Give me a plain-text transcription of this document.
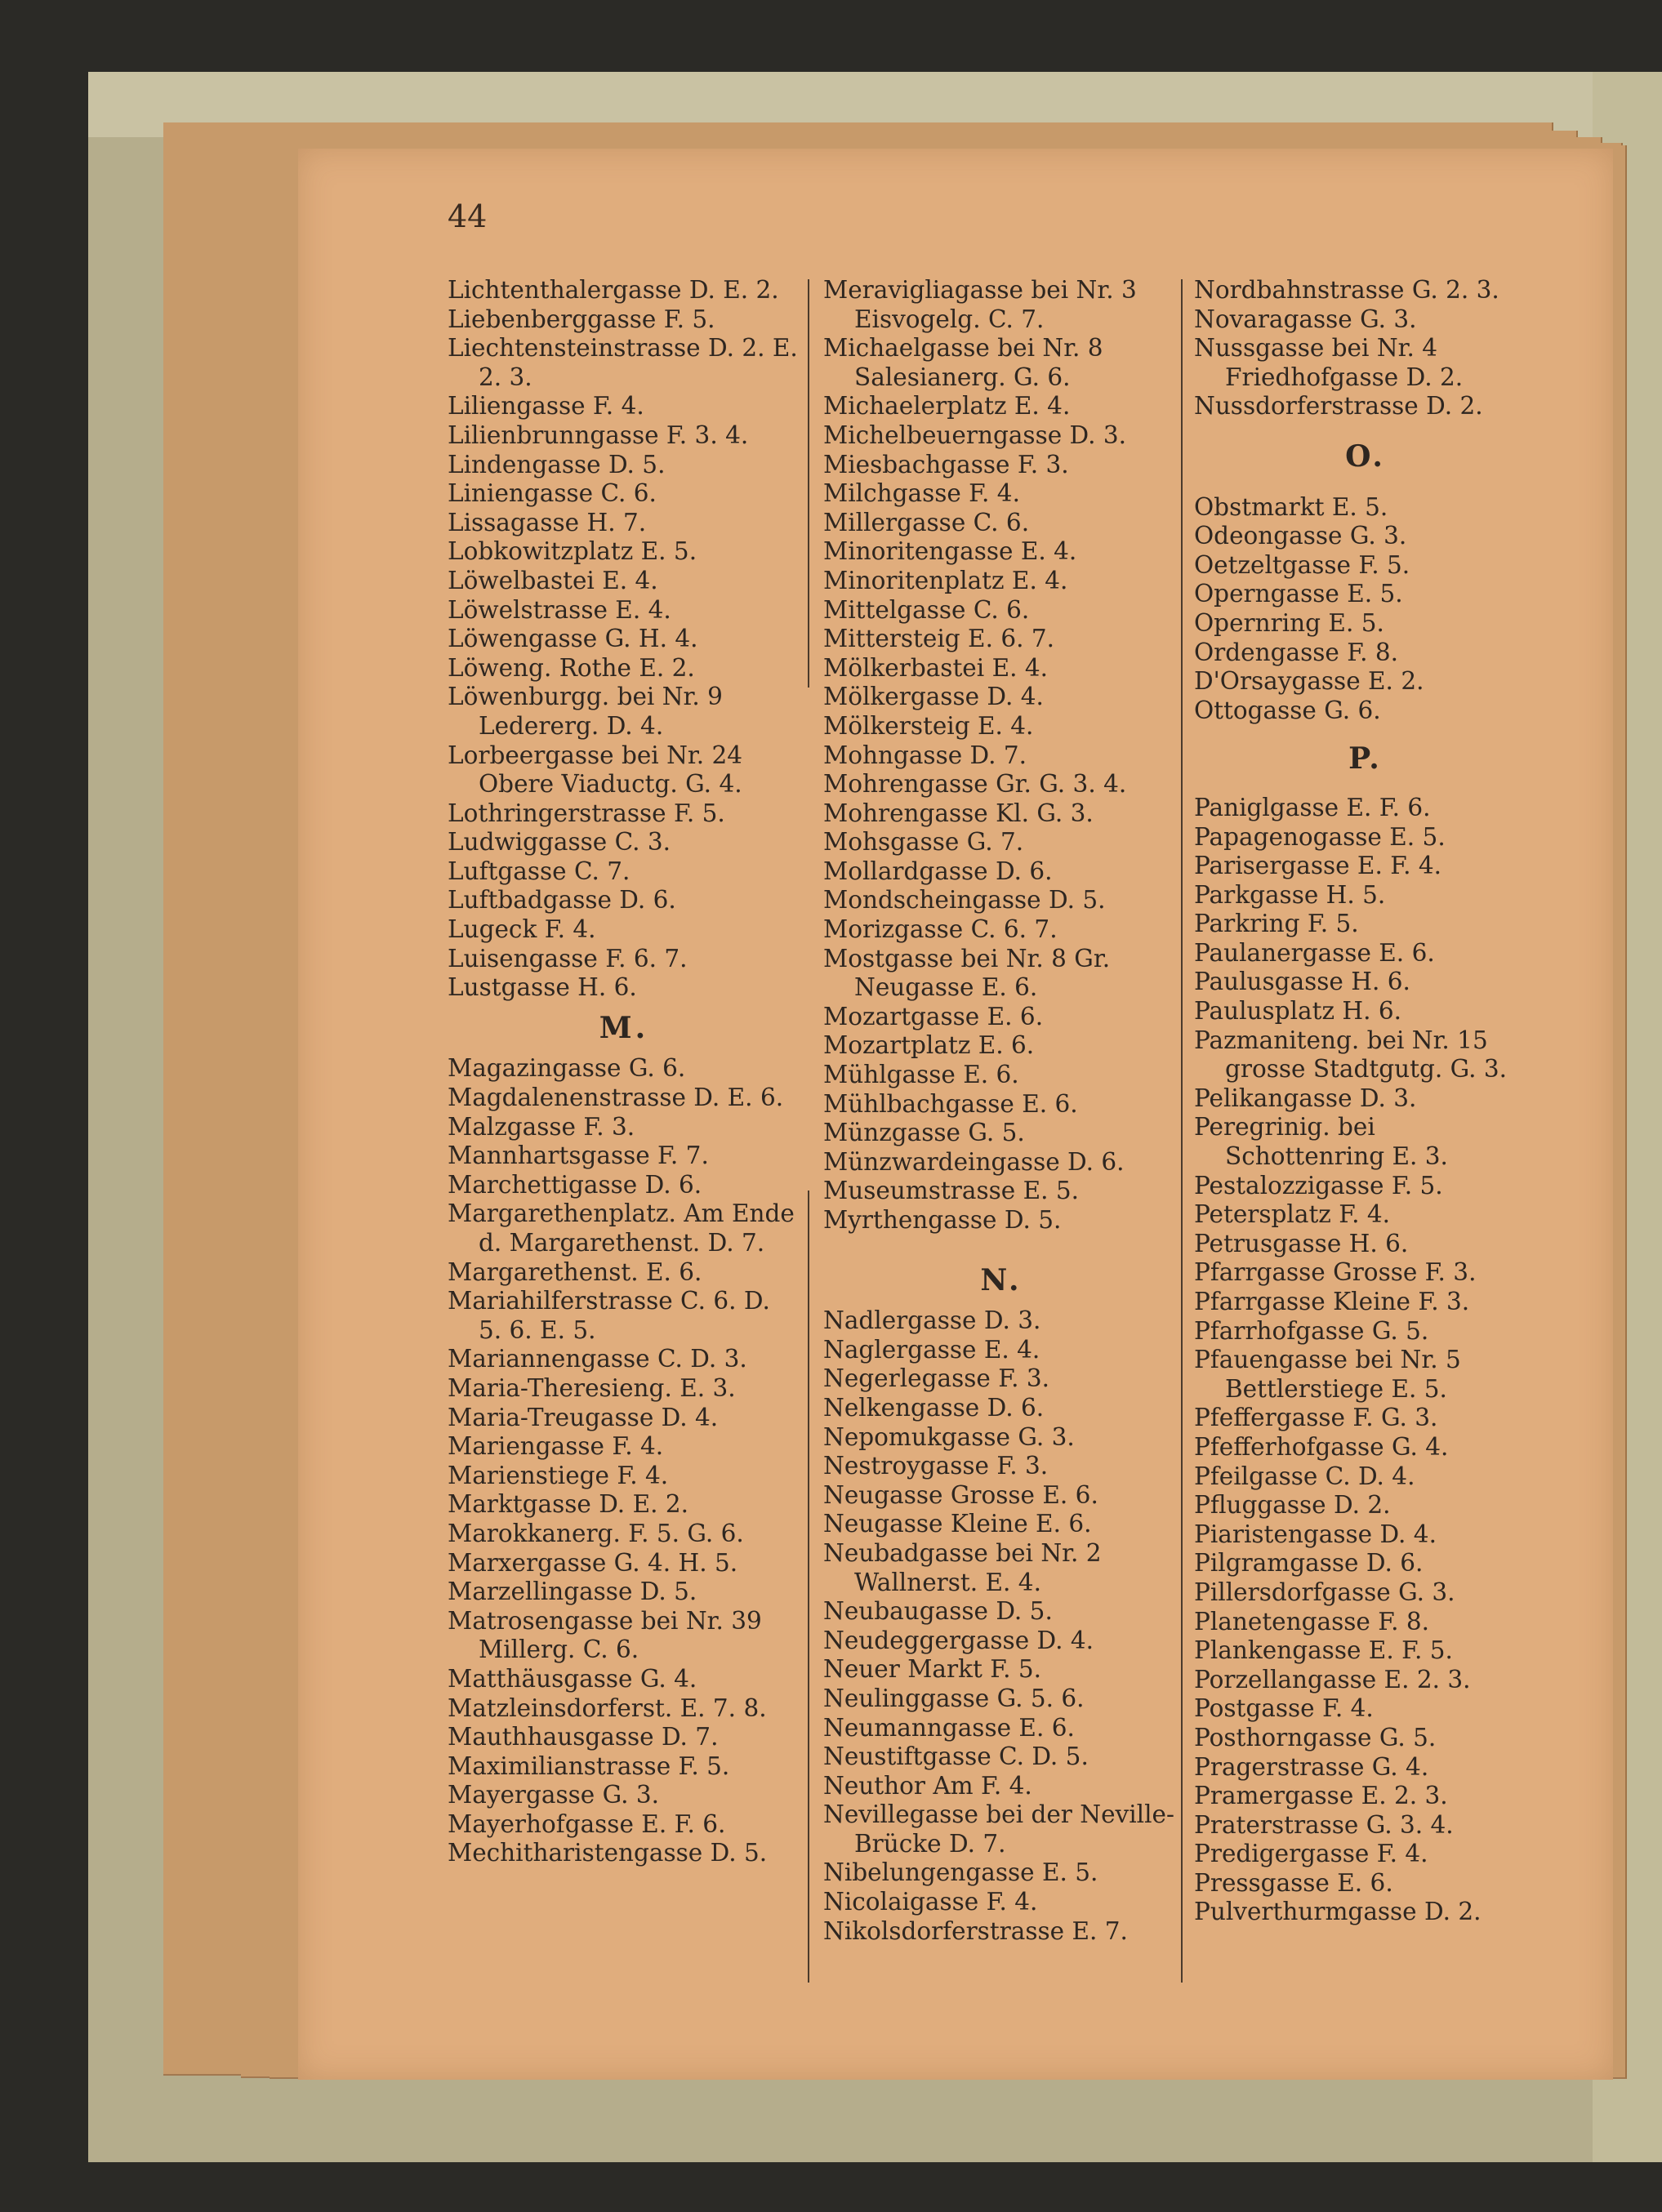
44
Lichtenthalergasse D. E. 2.
Liebenberggasse F. 5.
Liechtensteinstrasse D. 2. E. 2. 3.
Liliengasse F. 4.
Lilienbrunngasse F. 3. 4.
Lindengasse D. 5.
Liniengasse C. 6.
Lissagasse H. 7.
Lobkowitzplatz E. 5.
Löwelbastei E. 4.
Löwelstrasse E. 4.
Löwengasse G. H. 4.
Löweng. Rothe E. 2.
Löwenburgg. bei Nr. 9 Ledererg. D. 4.
Lorbeergasse bei Nr. 24 Obere Viaductg. G. 4.
Lothringerstrasse F. 5.
Ludwiggasse C. 3.
Luftgasse C. 7.
Luftbadgasse D. 6.
Lugeck F. 4.
Luisengasse F. 6. 7.
Lustgasse H. 6.
M.
Magazingasse G. 6.
Magdalenenstrasse D. E. 6.
Malzgasse F. 3.
Mannhartsgasse F. 7.
Marchettigasse D. 6.
Margarethenplatz. Am Ende d. Margarethenst. D. 7.
Margarethenst. E. 6.
Mariahilferstrasse C. 6. D. 5. 6. E. 5.
Mariannengasse C. D. 3.
Maria-Theresieng. E. 3.
Maria-Treugasse D. 4.
Mariengasse F. 4.
Marienstiege F. 4.
Marktgasse D. E. 2.
Marokkanerg. F. 5. G. 6.
Marxergasse G. 4. H. 5.
Marzellingasse D. 5.
Matrosengasse bei Nr. 39 Millerg. C. 6.
Matthäusgasse G. 4.
Matzleinsdorferst. E. 7. 8.
Mauthhausgasse D. 7.
Maximilianstrasse F. 5.
Mayergasse G. 3.
Mayerhofgasse E. F. 6.
Mechitharistengasse D. 5.
Meravigliagasse bei Nr. 3 Eisvogelg. C. 7.
Michaelgasse bei Nr. 8 Salesianerg. G. 6.
Michaelerplatz E. 4.
Michelbeuerngasse D. 3.
Miesbachgasse F. 3.
Milchgasse F. 4.
Millergasse C. 6.
Minoritengasse E. 4.
Minoritenplatz E. 4.
Mittelgasse C. 6.
Mittersteig E. 6. 7.
Mölkerbastei E. 4.
Mölkergasse D. 4.
Mölkersteig E. 4.
Mohngasse D. 7.
Mohrengasse Gr. G. 3. 4.
Mohrengasse Kl. G. 3.
Mohsgasse G. 7.
Mollardgasse D. 6.
Mondscheingasse D. 5.
Morizgasse C. 6. 7.
Mostgasse bei Nr. 8 Gr. Neugasse E. 6.
Mozartgasse E. 6.
Mozartplatz E. 6.
Mühlgasse E. 6.
Mühlbachgasse E. 6.
Münzgasse G. 5.
Münzwardeingasse D. 6.
Museumstrasse E. 5.
Myrthengasse D. 5.
N.
Nadlergasse D. 3.
Naglergasse E. 4.
Negerlegasse F. 3.
Nelkengasse D. 6.
Nepomukgasse G. 3.
Nestroygasse F. 3.
Neugasse Grosse E. 6.
Neugasse Kleine E. 6.
Neubadgasse bei Nr. 2 Wallnerst. E. 4.
Neubaugasse D. 5.
Neudeggergasse D. 4.
Neuer Markt F. 5.
Neulinggasse G. 5. 6.
Neumanngasse E. 6.
Neustiftgasse C. D. 5.
Neuthor Am F. 4.
Nevillegasse bei der Neville-Brücke D. 7.
Nibelungengasse E. 5.
Nicolaigasse F. 4.
Nikolsdorferstrasse E. 7.
Nordbahnstrasse G. 2. 3.
Novaragasse G. 3.
Nussgasse bei Nr. 4 Friedhofgasse D. 2.
Nussdorferstrasse D. 2.
O.
Obstmarkt E. 5.
Odeongasse G. 3.
Oetzeltgasse F. 5.
Operngasse E. 5.
Opernring E. 5.
Ordengasse F. 8.
D'Orsaygasse E. 2.
Ottogasse G. 6.
P.
Paniglgasse E. F. 6.
Papagenogasse E. 5.
Parisergasse E. F. 4.
Parkgasse H. 5.
Parkring F. 5.
Paulanergasse E. 6.
Paulusgasse H. 6.
Paulusplatz H. 6.
Pazmaniteng. bei Nr. 15 grosse Stadtgutg. G. 3.
Pelikangasse D. 3.
Peregrinig. bei Schottenring E. 3.
Pestalozzigasse F. 5.
Petersplatz F. 4.
Petrusgasse H. 6.
Pfarrgasse Grosse F. 3.
Pfarrgasse Kleine F. 3.
Pfarrhofgasse G. 5.
Pfauengasse bei Nr. 5 Bettlerstiege E. 5.
Pfeffergasse F. G. 3.
Pfefferhofgasse G. 4.
Pfeilgasse C. D. 4.
Pfluggasse D. 2.
Piaristengasse D. 4.
Pilgramgasse D. 6.
Pillersdorfgasse G. 3.
Planetengasse F. 8.
Plankengasse E. F. 5.
Porzellangasse E. 2. 3.
Postgasse F. 4.
Posthorngasse G. 5.
Pragerstrasse G. 4.
Pramergasse E. 2. 3.
Praterstrasse G. 3. 4.
Predigergasse F. 4.
Pressgasse E. 6.
Pulverthurmgasse D. 2.
